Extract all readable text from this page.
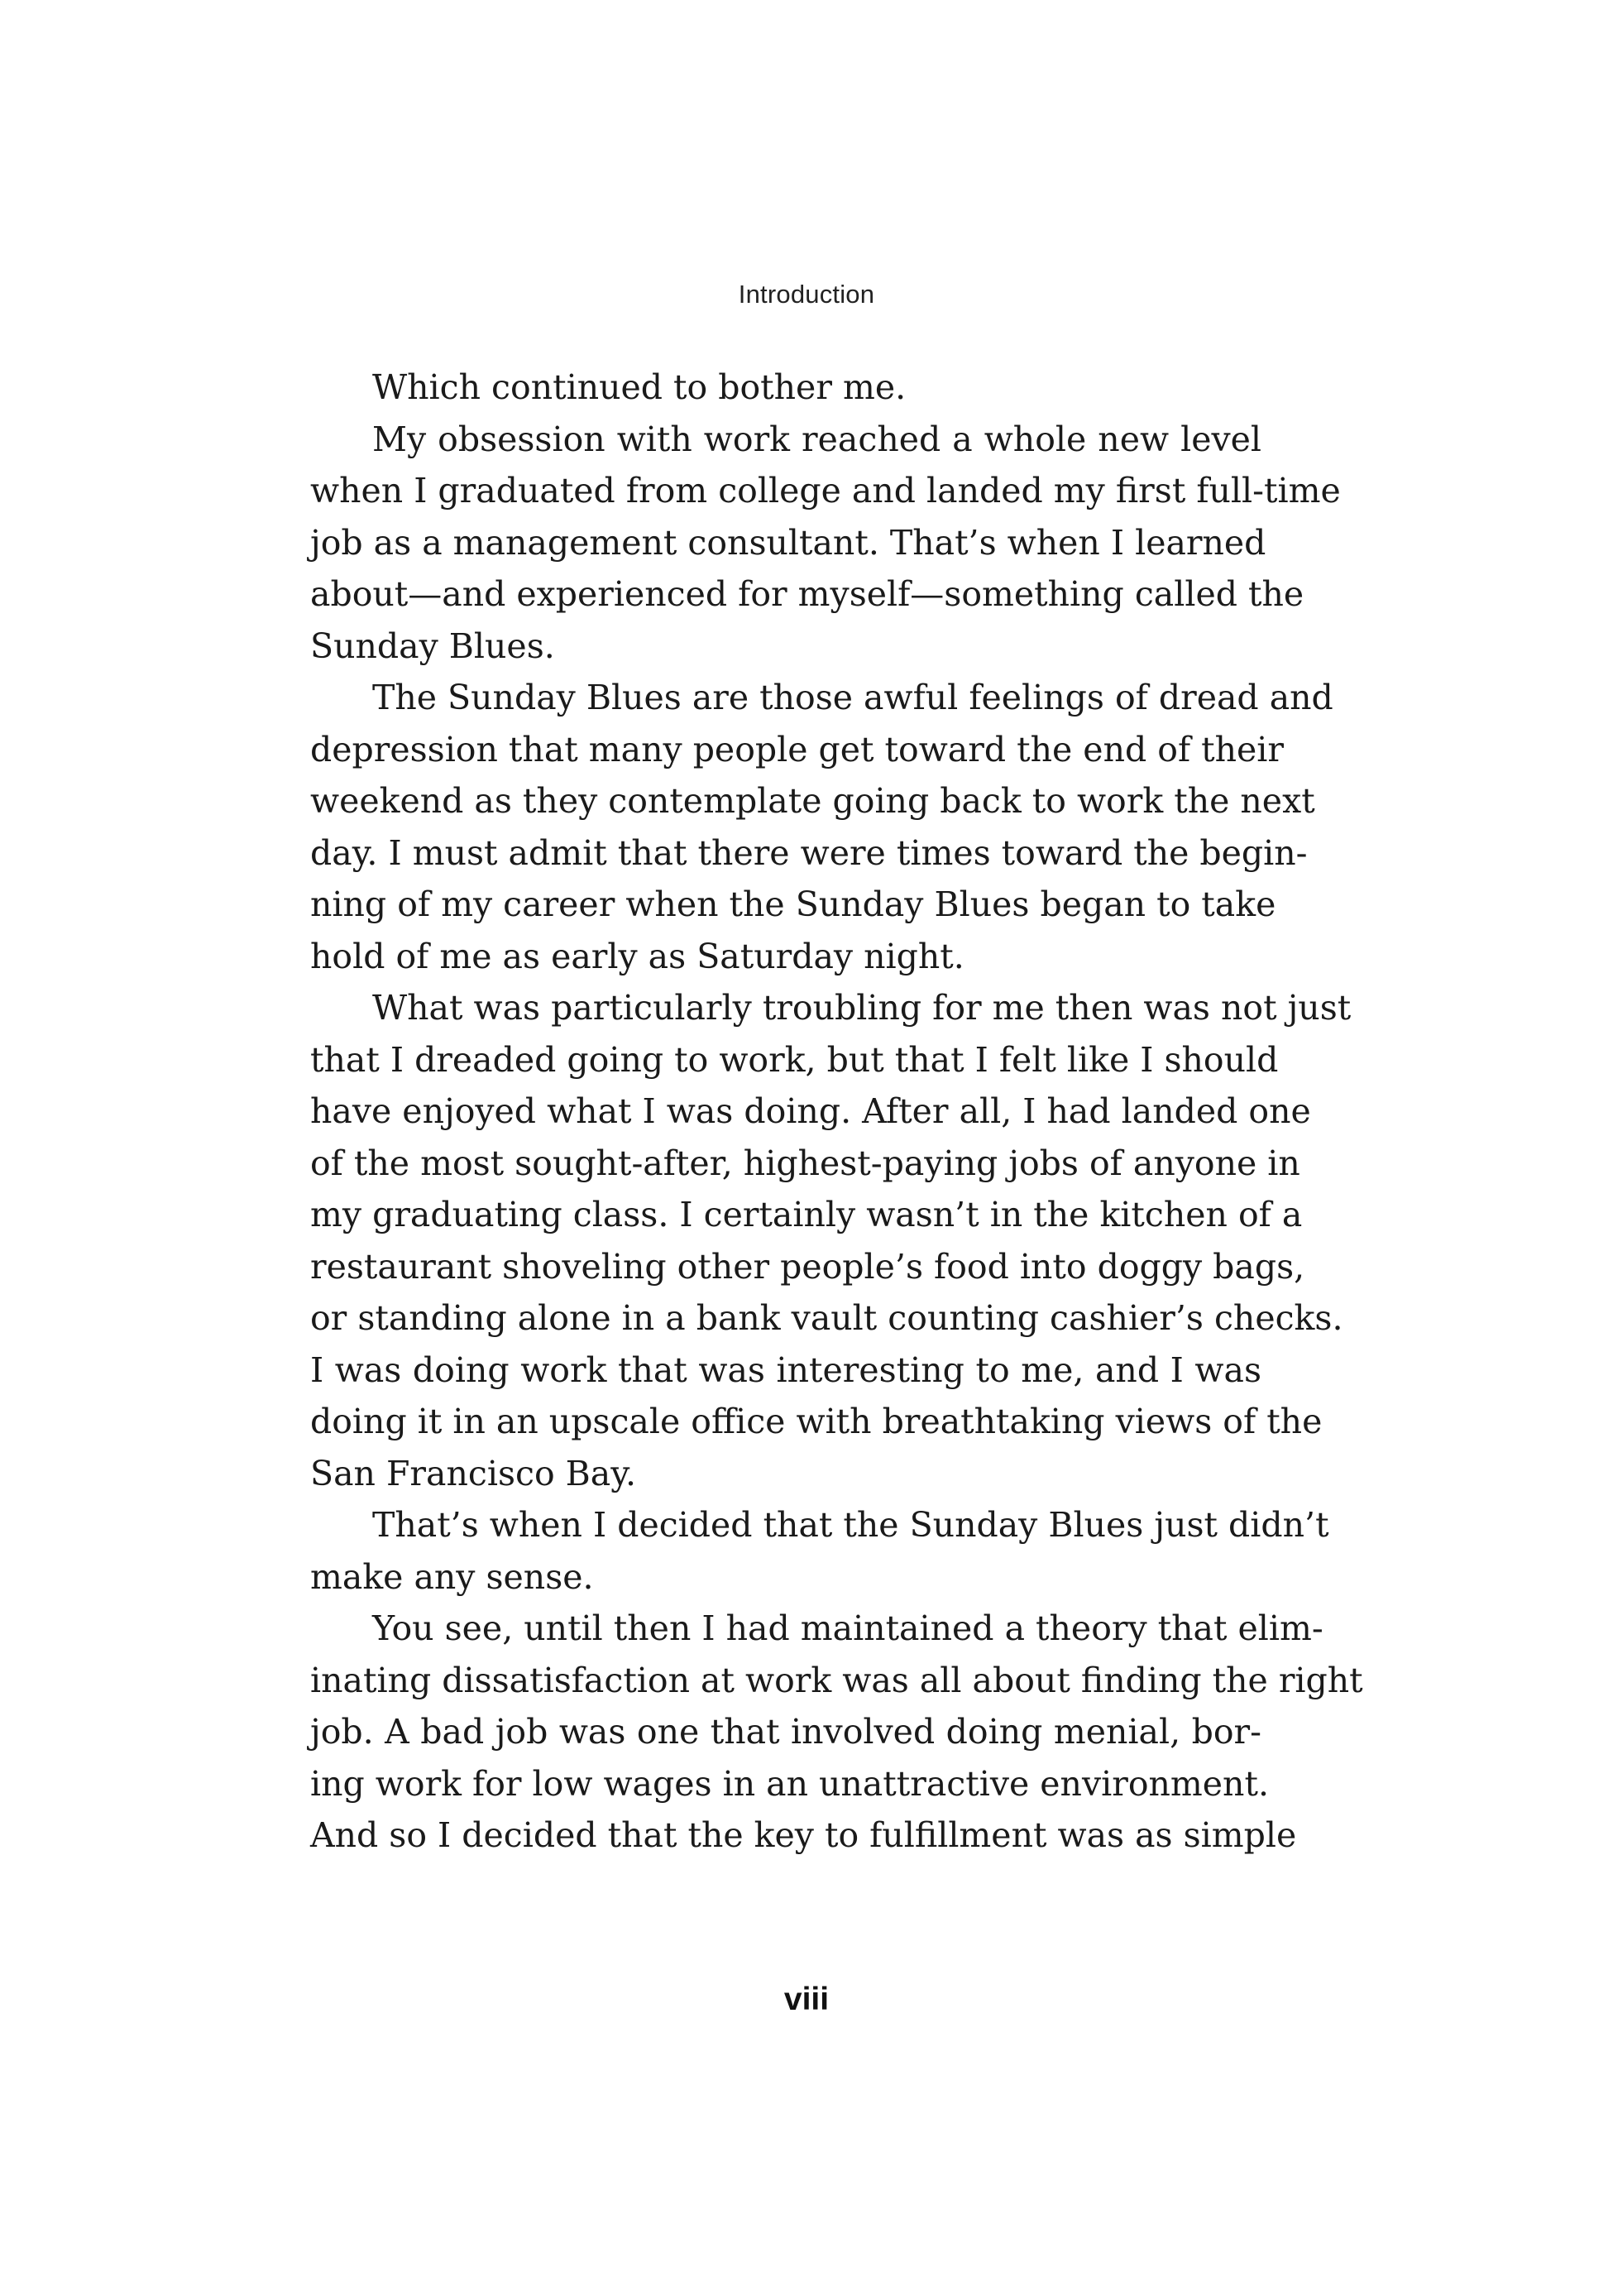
Introduction
Which continued to bother me.
My obsession with work reached a whole new level
when I graduated from college and landed my first full-time
job as a management consultant. That’s when I learned
about—and experienced for myself—something called the
Sunday Blues.
The Sunday Blues are those awful feelings of dread and
depression that many people get toward the end of their
weekend as they contemplate going back to work the next
day. I must admit that there were times toward the begin-
ning of my career when the Sunday Blues began to take
hold of me as early as Saturday night.
What was particularly troubling for me then was not just
that I dreaded going to work, but that I felt like I should
have enjoyed what I was doing. After all, I had landed one
of the most sought-after, highest-paying jobs of anyone in
my graduating class. I certainly wasn’t in the kitchen of a
restaurant shoveling other people’s food into doggy bags,
or standing alone in a bank vault counting cashier’s checks.
I was doing work that was interesting to me, and I was
doing it in an upscale office with breathtaking views of the
San Francisco Bay.
That’s when I decided that the Sunday Blues just didn’t
make any sense.
You see, until then I had maintained a theory that elim-
inating dissatisfaction at work was all about finding the right
job. A bad job was one that involved doing menial, bor-
ing work for low wages in an unattractive environment.
And so I decided that the key to fulfillment was as simple
viii
